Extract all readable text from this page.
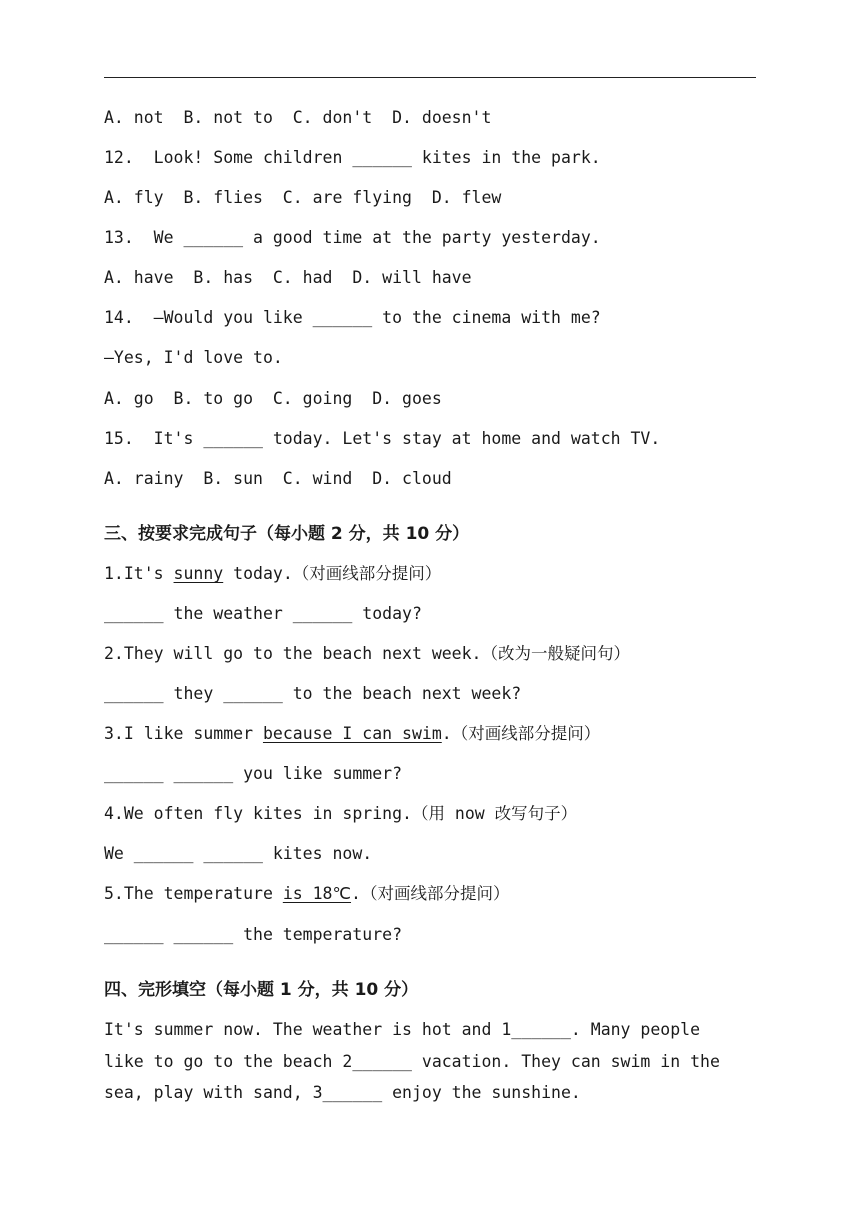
A. not  B. not to  C. don't  D. doesn't
12.  Look! Some children ______ kites in the park.
A. fly  B. flies  C. are flying  D. flew
13.  We ______ a good time at the party yesterday.
A. have  B. has  C. had  D. will have
14.  —Would you like ______ to the cinema with me?
—Yes, I'd love to.
A. go  B. to go  C. going  D. goes
15.  It's ______ today. Let's stay at home and watch TV.
A. rainy  B. sun  C. wind  D. cloud
三、按要求完成句子（每小题 2 分，共 10 分）
1.It's sunny today.（对画线部分提问）
______ the weather ______ today?
2.They will go to the beach next week.（改为一般疑问句）
______ they ______ to the beach next week?
3.I like summer because I can swim.（对画线部分提问）
______ ______ you like summer?
4.We often fly kites in spring.（用 now 改写句子）
We ______ ______ kites now.
5.The temperature is 18℃.（对画线部分提问）
______ ______ the temperature?
四、完形填空（每小题 1 分，共 10 分）
It's summer now. The weather is hot and 1______. Many people like to go to the beach 2______ vacation. They can swim in the sea, play with sand, 3______ enjoy the sunshine.
